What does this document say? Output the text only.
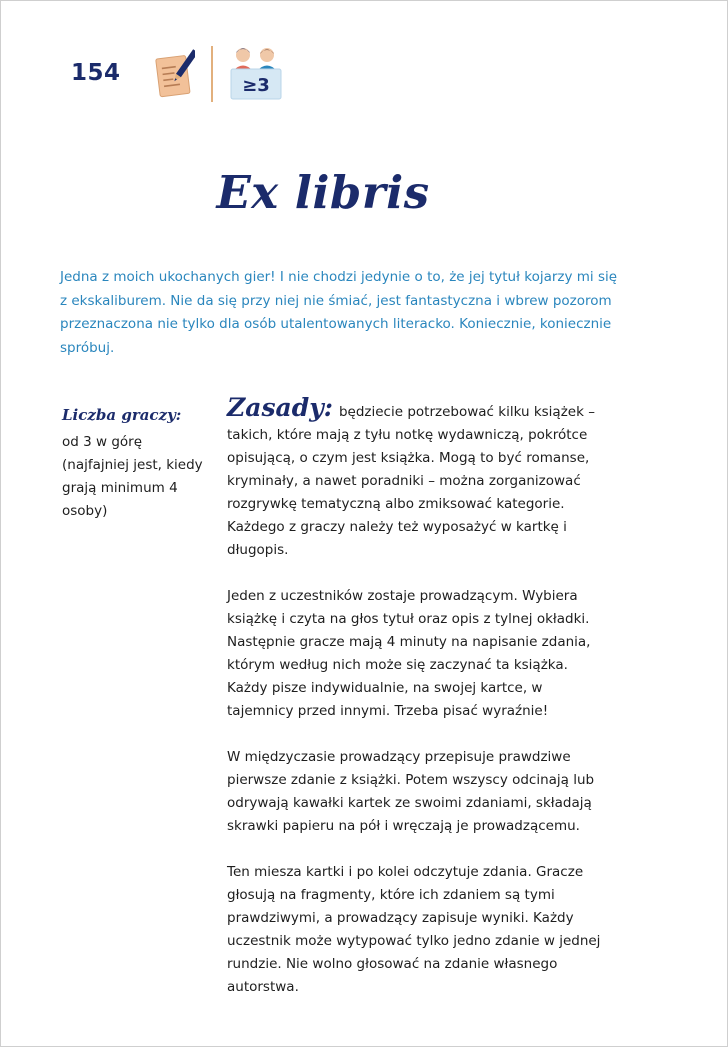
154	≥3
Ex libris

Jedna z moich ukochanych gier! I nie chodzi jedynie o to, że jej tytuł kojarzy mi się z ekskaliburem. Nie da się przy niej nie śmiać, jest fantastyczna i wbrew pozorom przeznaczona nie tylko dla osób utalentowanych literacko. Koniecznie, koniecznie spróbuj.

Liczba graczy:

od 3 w górę (najfajniej jest, kiedy grają minimum 4 osoby)

Zasady: będziecie potrzebować kilku książek – takich, które mają z tyłu notkę wydawniczą, pokrótce opisującą, o czym jest książka. Mogą to być romanse, kryminały, a nawet poradniki – można zorganizować rozgrywkę tematyczną albo zmiksować kategorie. Każdego z graczy należy też wyposażyć w kartkę i długopis.

Jeden z uczestników zostaje prowadzącym. Wybiera książkę i czyta na głos tytuł oraz opis z tylnej okładki. Następnie gracze mają 4 minuty na napisanie zdania, którym według nich może się zaczynać ta książka. Każdy pisze indywidualnie, na swojej kartce, w tajemnicy przed innymi. Trzeba pisać wyraźnie!

W międzyczasie prowadzący przepisuje prawdziwe pierwsze zdanie z książki. Potem wszyscy odcinają lub odrywają kawałki kartek ze swoimi zdaniami, składają skrawki papieru na pół i wręczają je prowadzącemu.

Ten miesza kartki i po kolei odczytuje zdania. Gracze głosują na fragmenty, które ich zdaniem są tymi prawdziwymi, a prowadzący zapisuje wyniki. Każdy uczestnik może wytypować tylko jedno zdanie w jednej rundzie. Nie wolno głosować na zdanie własnego autorstwa.
